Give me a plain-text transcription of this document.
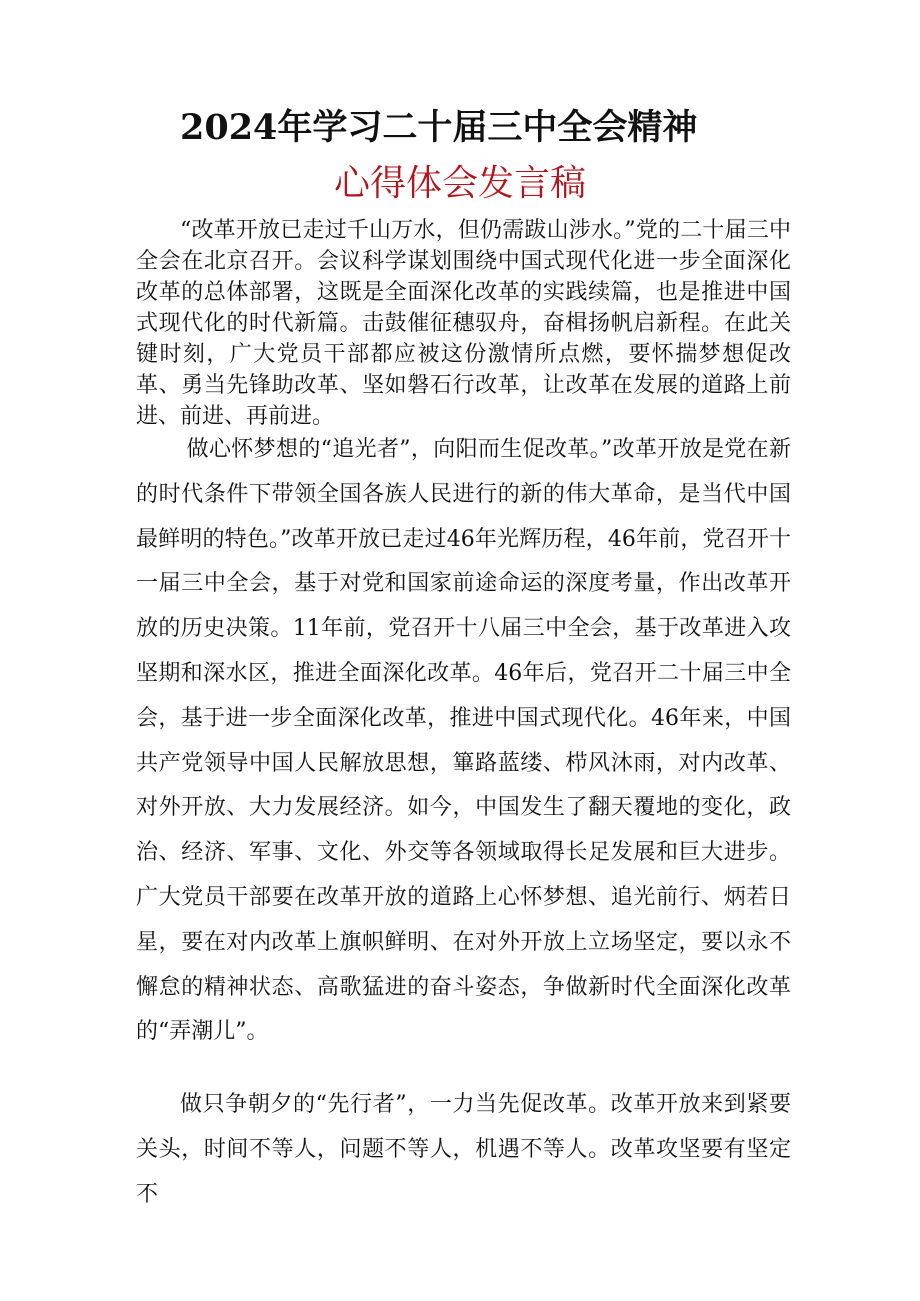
2024年学习二十届三中全会精神
心得体会发言稿

“改革开放已走过千山万水，但仍需跋山涉水。”党的二十届三中全会在北京召开。会议科学谋划围绕中国式现代化进一步全面深化改革的总体部署，这既是全面深化改革的实践续篇，也是推进中国式现代化的时代新篇。击鼓催征穗驭舟，奋楫扬帆启新程。在此关键时刻，广大党员干部都应被这份激情所点燃，要怀揣梦想促改革、勇当先锋助改革、坚如磐石行改革，让改革在发展的道路上前进、前进、再前进。

做心怀梦想的“追光者”，向阳而生促改革。”改革开放是党在新的时代条件下带领全国各族人民进行的新的伟大革命，是当代中国最鲜明的特色。”改革开放已走过46年光辉历程，46年前，党召开十一届三中全会，基于对党和国家前途命运的深度考量，作出改革开放的历史决策。11年前，党召开十八届三中全会，基于改革进入攻坚期和深水区，推进全面深化改革。46年后，党召开二十届三中全会，基于进一步全面深化改革，推进中国式现代化。46年来，中国共产党领导中国人民解放思想，篳路蓝缕、栉风沐雨，对内改革、对外开放、大力发展经济。如今，中国发生了翻天覆地的变化，政治、经济、军事、文化、外交等各领域取得长足发展和巨大进步。广大党员干部要在改革开放的道路上心怀梦想、追光前行、炳若日星，要在对内改革上旗帜鲜明、在对外开放上立场坚定，要以永不懈怠的精神状态、高歌猛进的奋斗姿态，争做新时代全面深化改革的“弄潮儿”。

做只争朝夕的“先行者”，一力当先促改革。改革开放来到紧要关头，时间不等人，问题不等人，机遇不等人。改革攻坚要有坚定不
